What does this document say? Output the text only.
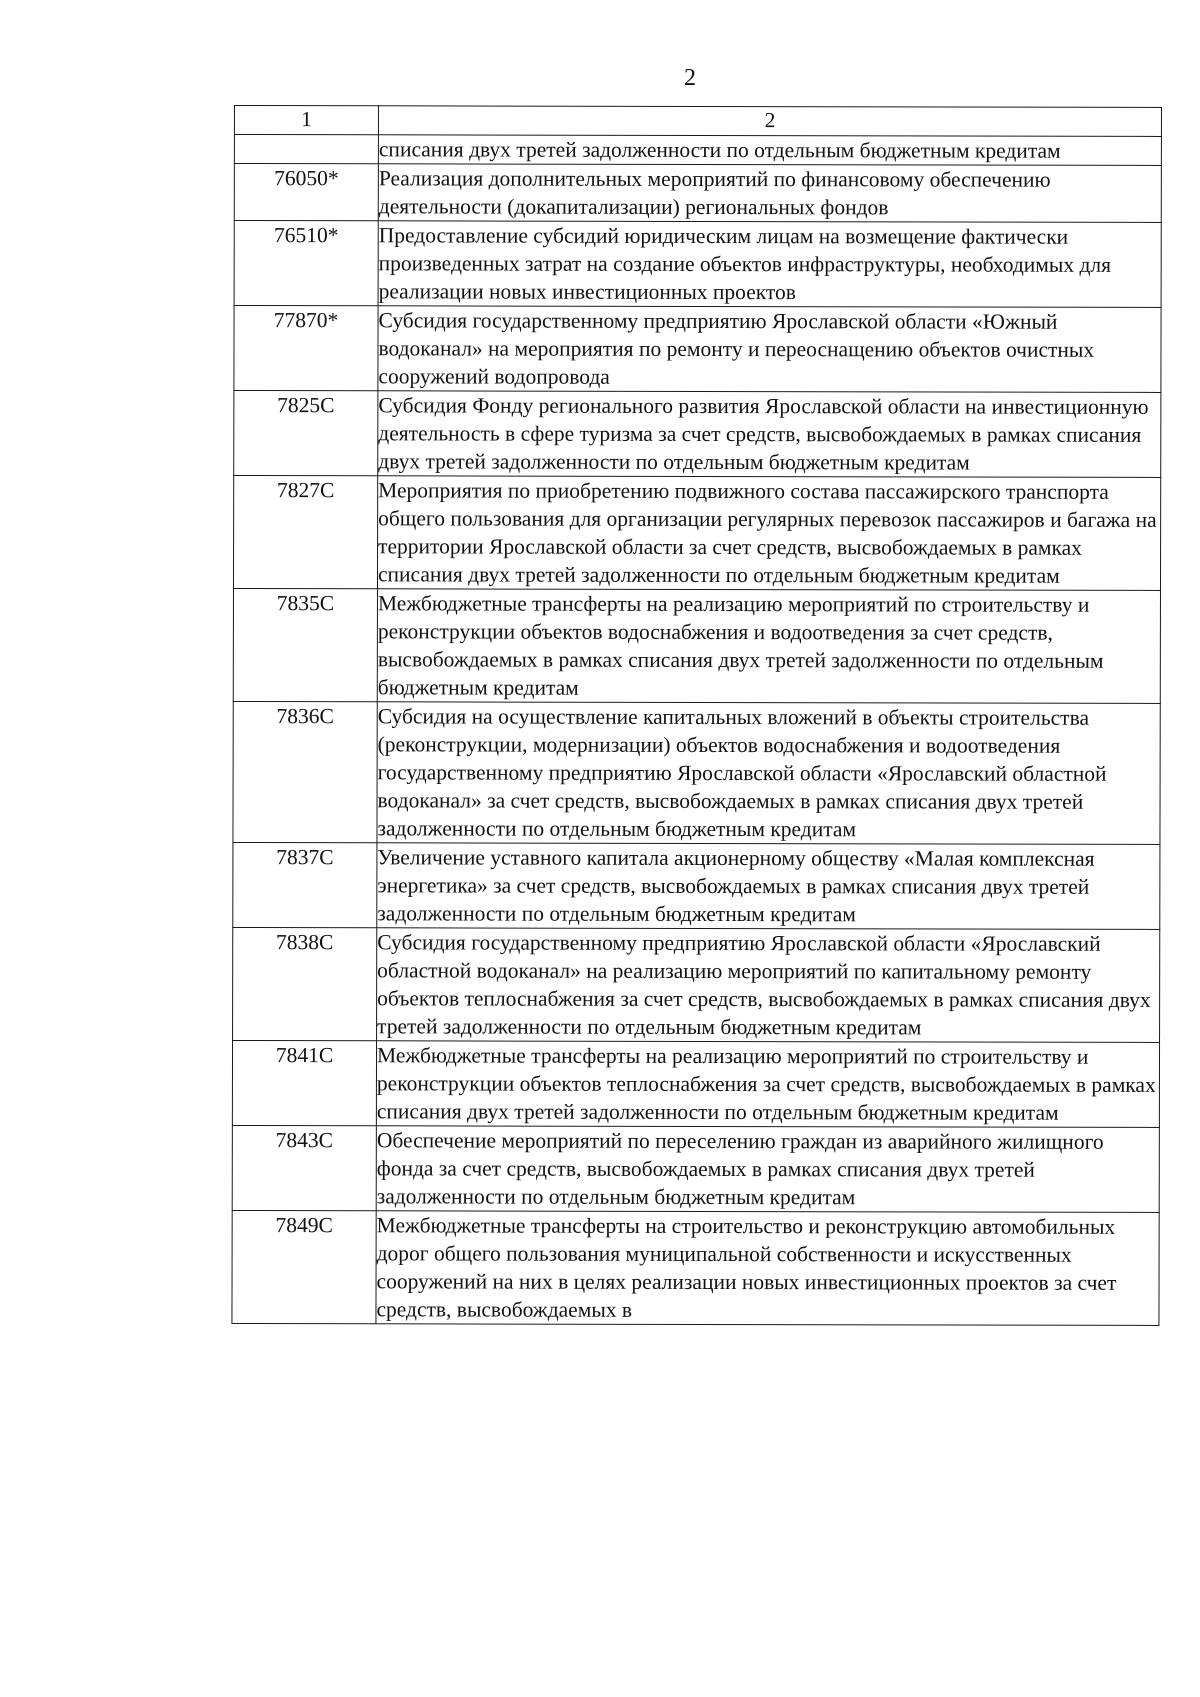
2
1	2
	списания двух третей задолженности по отдельным бюджетным кредитам
76050*	Реализация дополнительных мероприятий по финансовому обеспечению деятельности (докапитализации) региональных фондов
76510*	Предоставление субсидий юридическим лицам на возмещение фактически произведенных затрат на создание объектов инфраструктуры, необходимых для реализации новых инвестиционных проектов
77870*	Субсидия государственному предприятию Ярославской области «Южный водоканал» на мероприятия по ремонту и переоснащению объектов очистных сооружений водопровода
7825С	Субсидия Фонду регионального развития Ярославской области на инвестиционную деятельность в сфере туризма за счет средств, высвобождаемых в рамках списания двух третей задолженности по отдельным бюджетным кредитам
7827С	Мероприятия по приобретению подвижного состава пассажирского транспорта общего пользования для организации регулярных перевозок пассажиров и багажа на территории Ярославской области за счет средств, высвобождаемых в рамках списания двух третей задолженности по отдельным бюджетным кредитам
7835С	Межбюджетные трансферты на реализацию мероприятий по строительству и реконструкции объектов водоснабжения и водоотведения за счет средств, высвобождаемых в рамках списания двух третей задолженности по отдельным бюджетным кредитам
7836С	Субсидия на осуществление капитальных вложений в объекты строительства (реконструкции, модернизации) объектов водоснабжения и водоотведения государственному предприятию Ярославской области «Ярославский областной водоканал» за счет средств, высвобождаемых в рамках списания двух третей задолженности по отдельным бюджетным кредитам
7837С	Увеличение уставного капитала акционерному обществу «Малая комплексная энергетика» за счет средств, высвобождаемых в рамках списания двух третей задолженности по отдельным бюджетным кредитам
7838С	Субсидия государственному предприятию Ярославской области «Ярославский областной водоканал» на реализацию мероприятий по капитальному ремонту объектов теплоснабжения за счет средств, высвобождаемых в рамках списания двух третей задолженности по отдельным бюджетным кредитам
7841С	Межбюджетные трансферты на реализацию мероприятий по строительству и реконструкции объектов теплоснабжения за счет средств, высвобождаемых в рамках списания двух третей задолженности по отдельным бюджетным кредитам
7843С	Обеспечение мероприятий по переселению граждан из аварийного жилищного фонда за счет средств, высвобождаемых в рамках списания двух третей задолженности по отдельным бюджетным кредитам
7849С	Межбюджетные трансферты на строительство и реконструкцию автомобильных дорог общего пользования муниципальной собственности и искусственных сооружений на них в целях реализации новых инвестиционных проектов за счет средств, высвобождаемых в
